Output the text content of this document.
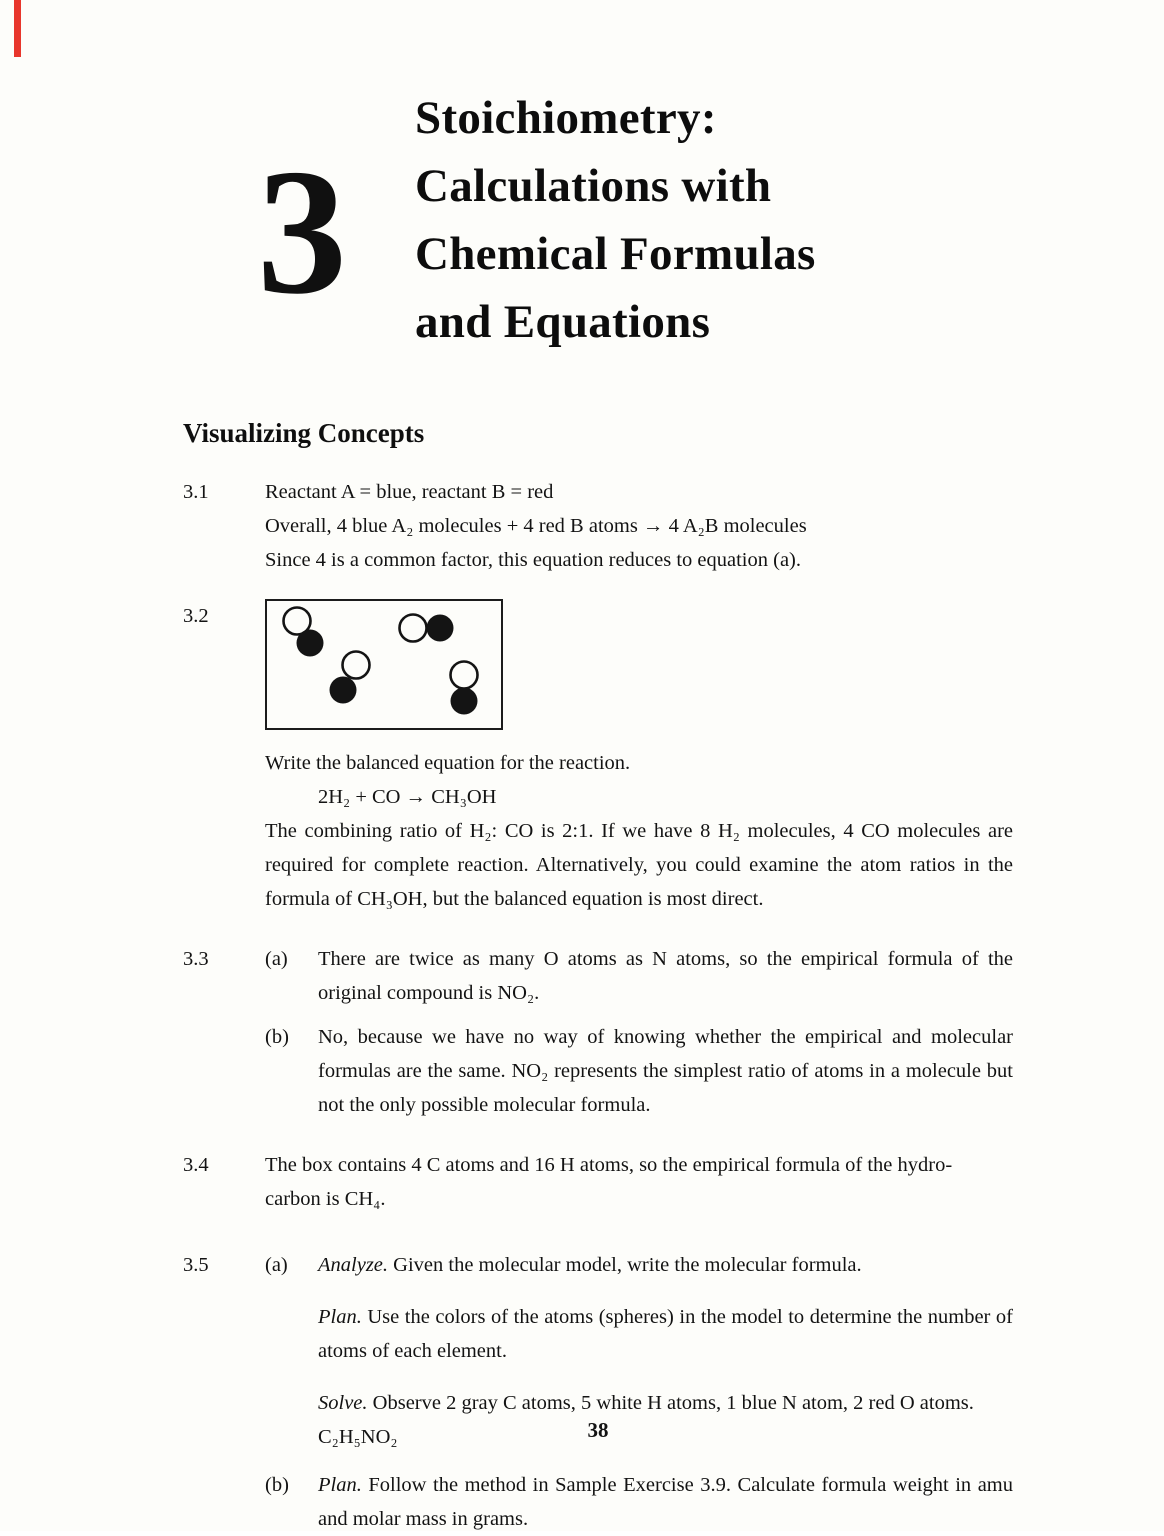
3
Stoichiometry:
Calculations with
Chemical Formulas
and Equations
Visualizing Concepts
3.1	Reactant A = blue, reactant B = red

Overall, 4 blue A₂ molecules + 4 red B atoms → 4 A₂B molecules

Since 4 is a common factor, this equation reduces to equation (a).

3.2

Write the balanced equation for the reaction.

2H₂ + CO → CH₃OH

The combining ratio of H₂: CO is 2:1. If we have 8 H₂ molecules, 4 CO molecules are required for complete reaction. Alternatively, you could examine the atom ratios in the formula of CH₃OH, but the balanced equation is most direct.

3.3	(a)	There are twice as many O atoms as N atoms, so the empirical formula of the original compound is NO₂.
(b)	No, because we have no way of knowing whether the empirical and molecular formulas are the same. NO₂ represents the simplest ratio of atoms in a molecule but not the only possible molecular formula.
3.4	The box contains 4 C atoms and 16 H atoms, so the empirical formula of the hydro-

carbon is CH₄.

3.5	(a)	Analyze. Given the molecular model, write the molecular formula.

Plan. Use the colors of the atoms (spheres) in the model to determine the number of atoms of each element.

Solve. Observe 2 gray C atoms, 5 white H atoms, 1 blue N atom, 2 red O atoms.
C₂H₅NO₂

(b)	Plan. Follow the method in Sample Exercise 3.9. Calculate formula weight in amu and molar mass in grams.

38
